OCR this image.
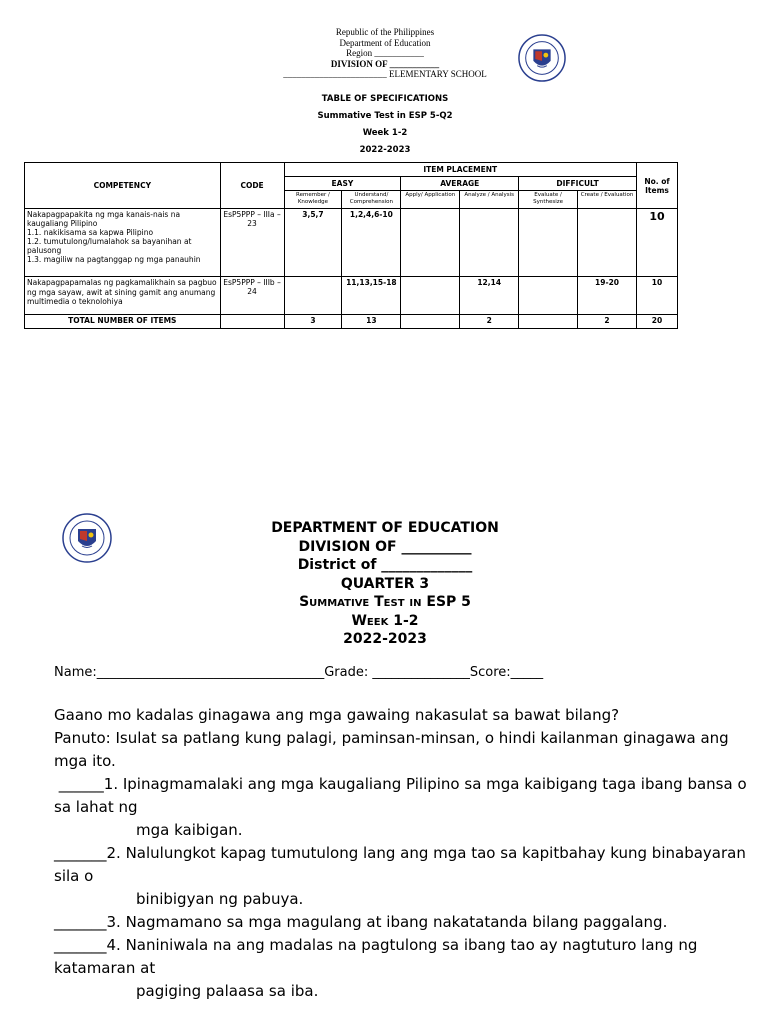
Republic of the Philippines
Department of Education
Region ___________
DIVISION OF ___________
_______________________ ELEMENTARY SCHOOL
TABLE OF SPECIFICATIONS
Summative Test in ESP 5-Q2
Week 1-2
2022-2023
COMPETENCY	CODE	ITEM PLACEMENT						No. of Items
		EASY		AVERAGE		DIFFICULT		
		Remember / Knowledge	Understand/ Comprehension	Apply/ Application	Analyze / Analysis	Evaluate / Synthesize	Create / Evaluation	
Nakapagpapakita ng mga kanais-nais na kaugaliang Pilipino
1.1. nakikisama sa kapwa Pilipino
1.2. tumutulong/lumalahok sa bayanihan at palusong
1.3. magiliw na pagtanggap ng mga panauhin	EsP5PPP – IIIa – 23	3,5,7	1,2,4,6-10					10
Nakapagpapamalas ng pagkamalikhain sa pagbuo ng mga sayaw, awit at sining gamit ang anumang multimedia o teknolohiya	EsP5PPP – IIIb – 24		11,13,15-18		12,14		19-20	10
TOTAL NUMBER OF ITEMS		3	13		2		2	20
DEPARTMENT OF EDUCATION
DIVISION OF __________
District of _____________
QUARTER 3
Summative Test in ESP 5
Week 1-2
2022-2023
Name:___________________________________Grade: _______________Score:_____
Gaano mo kadalas ginagawa ang mga gawaing nakasulat sa bawat bilang?
Panuto: Isulat sa patlang kung palagi, paminsan-minsan, o hindi kailanman ginagawa ang mga ito.
______1. Ipinagmamalaki ang mga kaugaliang Pilipino sa mga kaibigang taga ibang bansa o sa lahat ng
mga kaibigan.
_______2. Nalulungkot kapag tumutulong lang ang mga tao sa kapitbahay kung binabayaran sila o
binibigyan ng pabuya.
_______3. Nagmamano sa mga magulang at ibang nakatatanda bilang paggalang.
_______4. Naniniwala na ang madalas na pagtulong sa ibang tao ay nagtuturo lang ng katamaran at
pagiging palaasa sa iba.
